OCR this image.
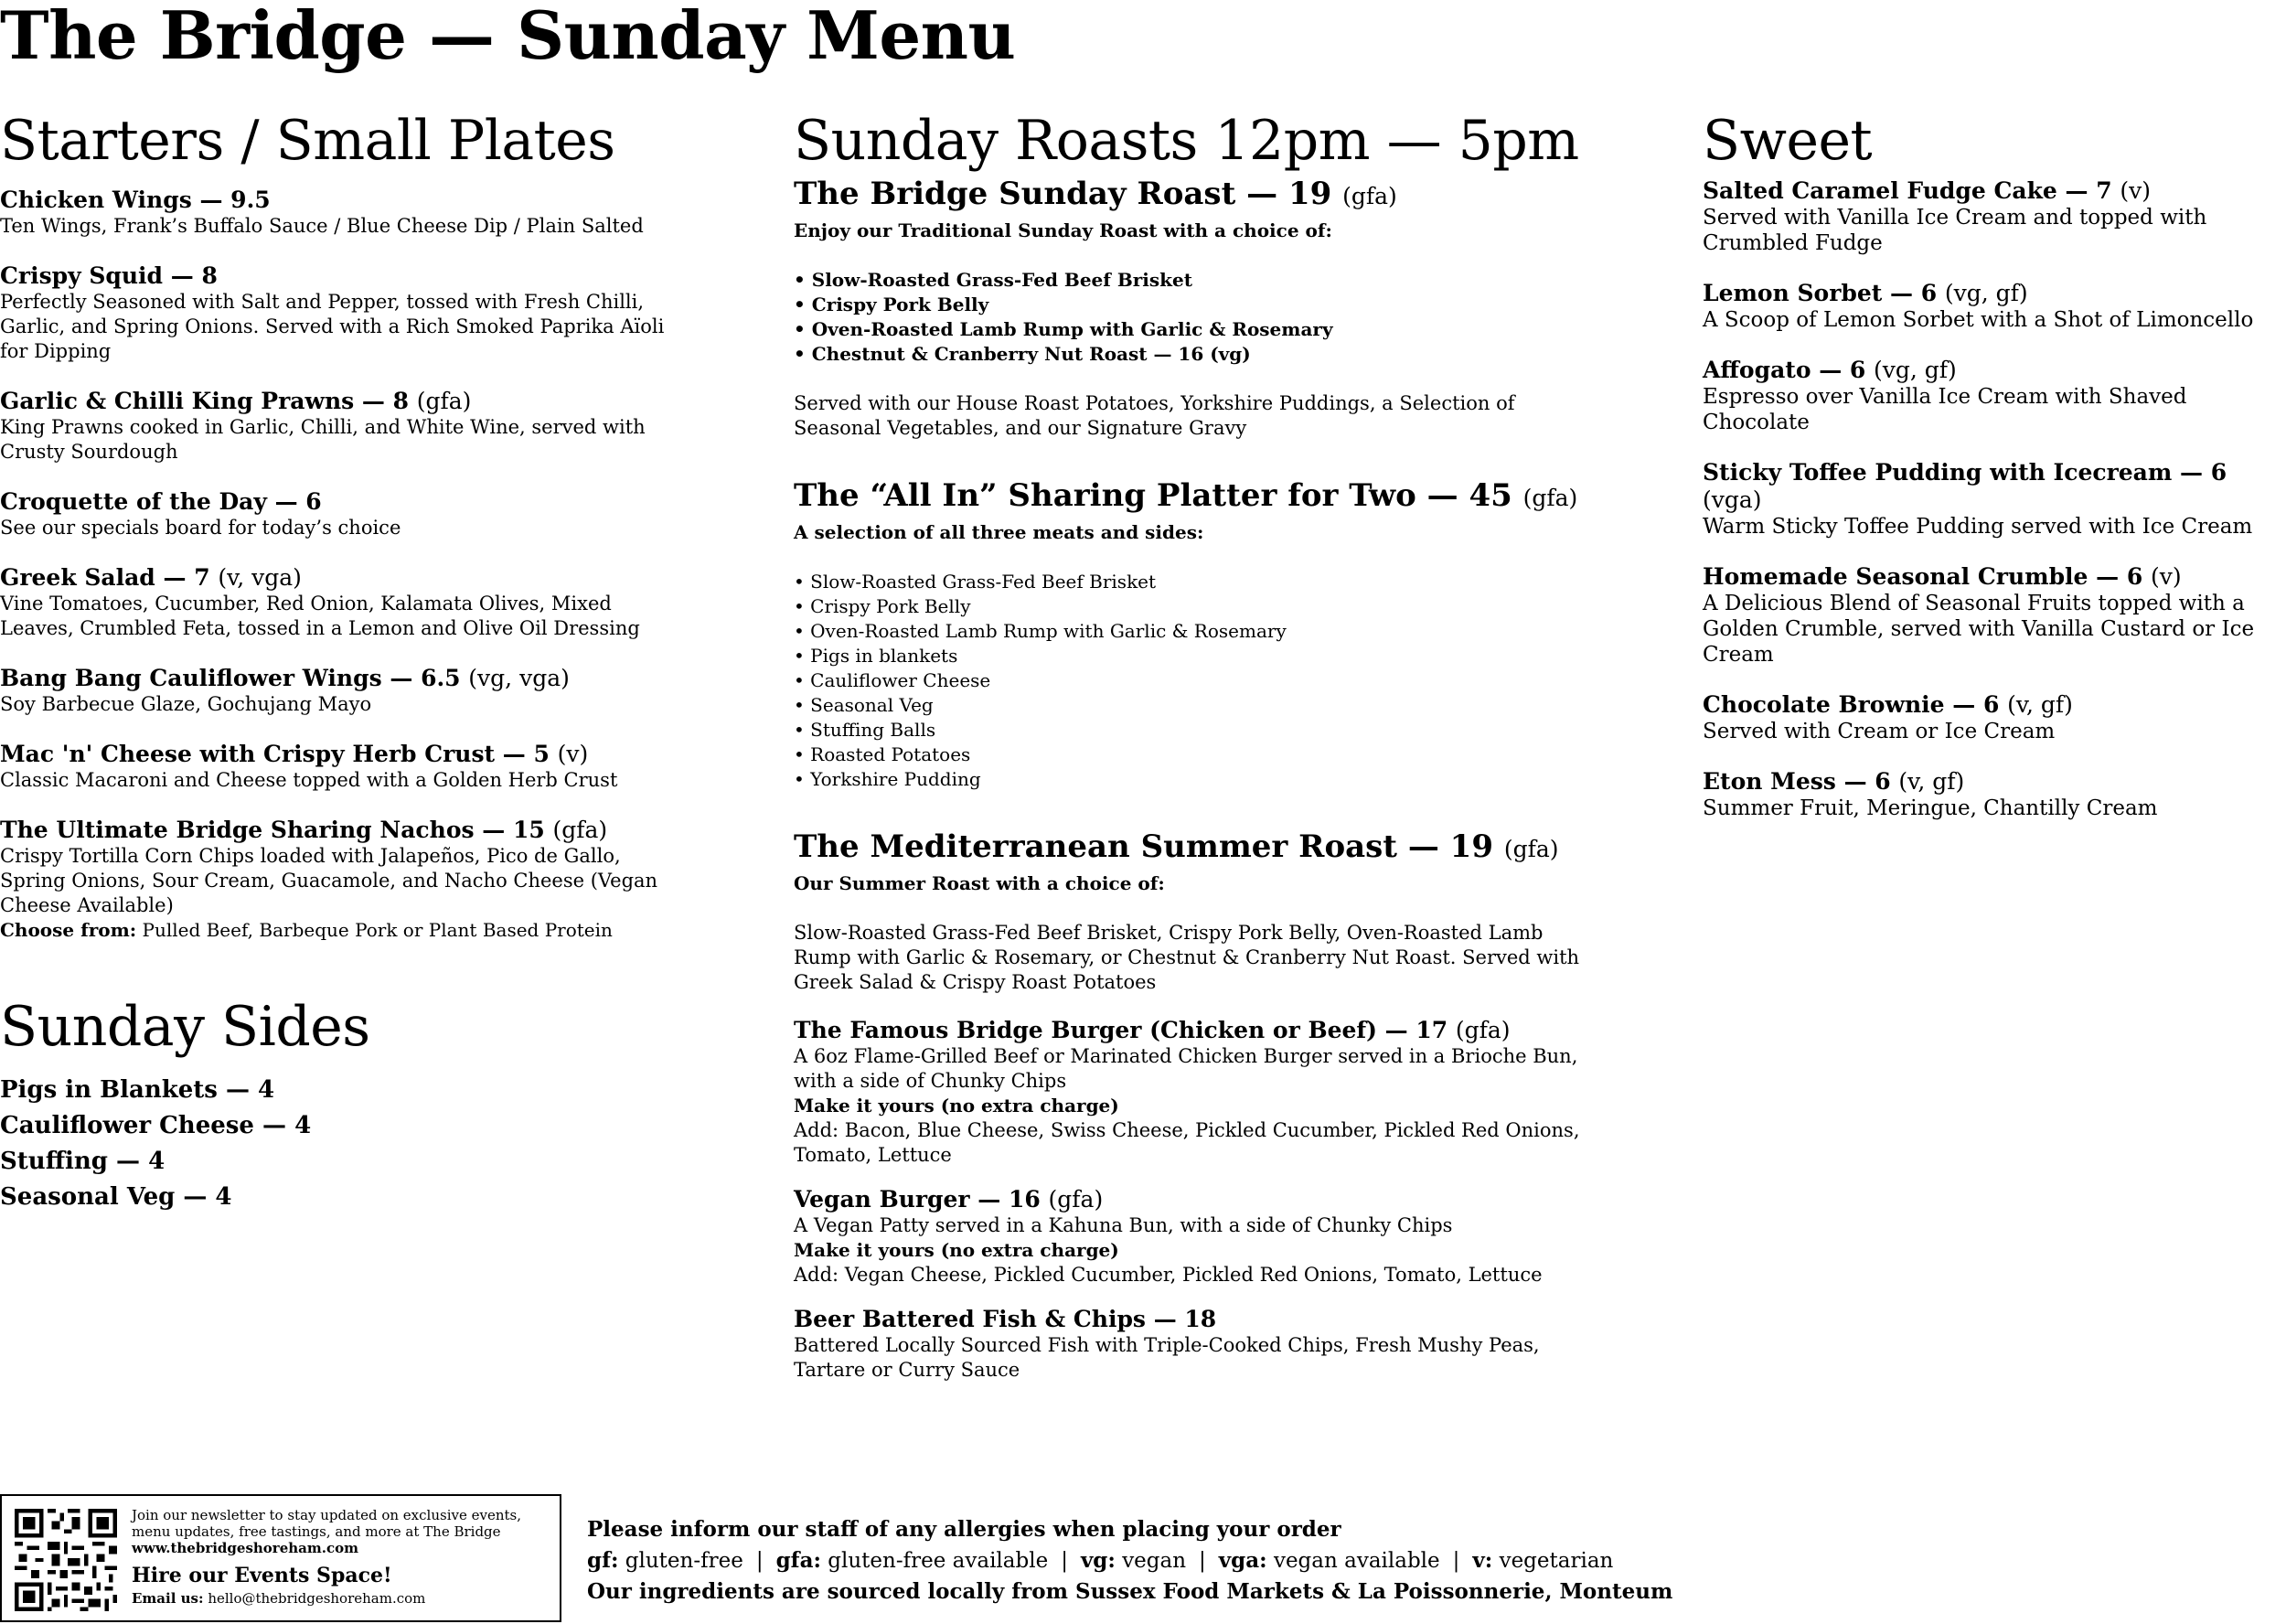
The Bridge — Sunday Menu
Starters / Small Plates
Chicken Wings — 9.5
Ten Wings, Frank’s Buffalo Sauce / Blue Cheese Dip / Plain Salted
Crispy Squid — 8
Perfectly Seasoned with Salt and Pepper, tossed with Fresh Chilli, Garlic, and Spring Onions. Served with a Rich Smoked Paprika Aïoli for Dipping
Garlic & Chilli King Prawns — 8 (gfa)
King Prawns cooked in Garlic, Chilli, and White Wine, served with Crusty Sourdough
Croquette of the Day — 6
See our specials board for today’s choice
Greek Salad — 7 (v, vga)
Vine Tomatoes, Cucumber, Red Onion, Kalamata Olives, Mixed Leaves, Crumbled Feta, tossed in a Lemon and Olive Oil Dressing
Bang Bang Cauliflower Wings — 6.5 (vg, vga)
Soy Barbecue Glaze, Gochujang Mayo
Mac 'n' Cheese with Crispy Herb Crust — 5 (v)
Classic Macaroni and Cheese topped with a Golden Herb Crust
The Ultimate Bridge Sharing Nachos — 15 (gfa)
Crispy Tortilla Corn Chips loaded with Jalapeños, Pico de Gallo, Spring Onions, Sour Cream, Guacamole, and Nacho Cheese (Vegan Cheese Available)
Choose from: Pulled Beef, Barbeque Pork or Plant Based Protein
Sunday Sides
Pigs in Blankets — 4
Cauliflower Cheese — 4
Stuffing — 4
Seasonal Veg — 4
Sunday Roasts 12pm — 5pm
The Bridge Sunday Roast — 19 (gfa)
Enjoy our Traditional Sunday Roast with a choice of:
• Slow-Roasted Grass-Fed Beef Brisket
• Crispy Pork Belly
• Oven-Roasted Lamb Rump with Garlic & Rosemary
• Chestnut & Cranberry Nut Roast — 16 (vg)
Served with our House Roast Potatoes, Yorkshire Puddings, a Selection of Seasonal Vegetables, and our Signature Gravy
The “All In” Sharing Platter for Two — 45 (gfa)
A selection of all three meats and sides:
• Slow-Roasted Grass-Fed Beef Brisket
• Crispy Pork Belly
• Oven-Roasted Lamb Rump with Garlic & Rosemary
• Pigs in blankets
• Cauliflower Cheese
• Seasonal Veg
• Stuffing Balls
• Roasted Potatoes
• Yorkshire Pudding
The Mediterranean Summer Roast — 19 (gfa)
Our Summer Roast with a choice of:
Slow-Roasted Grass-Fed Beef Brisket, Crispy Pork Belly, Oven-Roasted Lamb Rump with Garlic & Rosemary, or Chestnut & Cranberry Nut Roast. Served with Greek Salad & Crispy Roast Potatoes
The Famous Bridge Burger (Chicken or Beef) — 17 (gfa)
A 6oz Flame-Grilled Beef or Marinated Chicken Burger served in a Brioche Bun, with a side of Chunky Chips
Make it yours (no extra charge)
Add: Bacon, Blue Cheese, Swiss Cheese, Pickled Cucumber, Pickled Red Onions, Tomato, Lettuce
Vegan Burger — 16 (gfa)
A Vegan Patty served in a Kahuna Bun, with a side of Chunky Chips
Make it yours (no extra charge)
Add: Vegan Cheese, Pickled Cucumber, Pickled Red Onions, Tomato, Lettuce
Beer Battered Fish & Chips — 18
Battered Locally Sourced Fish with Triple-Cooked Chips, Fresh Mushy Peas, Tartare or Curry Sauce
Sweet
Salted Caramel Fudge Cake — 7 (v)
Served with Vanilla Ice Cream and topped with Crumbled Fudge
Lemon Sorbet — 6 (vg, gf)
A Scoop of Lemon Sorbet with a Shot of Limoncello
Affogato — 6 (vg, gf)
Espresso over Vanilla Ice Cream with Shaved Chocolate
Sticky Toffee Pudding with Icecream — 6 (vga)
Warm Sticky Toffee Pudding served with Ice Cream
Homemade Seasonal Crumble — 6 (v)
A Delicious Blend of Seasonal Fruits topped with a Golden Crumble, served with Vanilla Custard or Ice Cream
Chocolate Brownie — 6 (v, gf)
Served with Cream or Ice Cream
Eton Mess — 6 (v, gf)
Summer Fruit, Meringue, Chantilly Cream
Join our newsletter to stay updated on exclusive events, menu updates, free tastings, and more at The Bridge
www.thebridgeshoreham.com
Hire our Events Space!
Email us: hello@thebridgeshoreham.com
Please inform our staff of any allergies when placing your order
gf: gluten-free | gfa: gluten-free available | vg: vegan | vga: vegan available | v: vegetarian
Our ingredients are sourced locally from Sussex Food Markets & La Poissonnerie, Monteum
